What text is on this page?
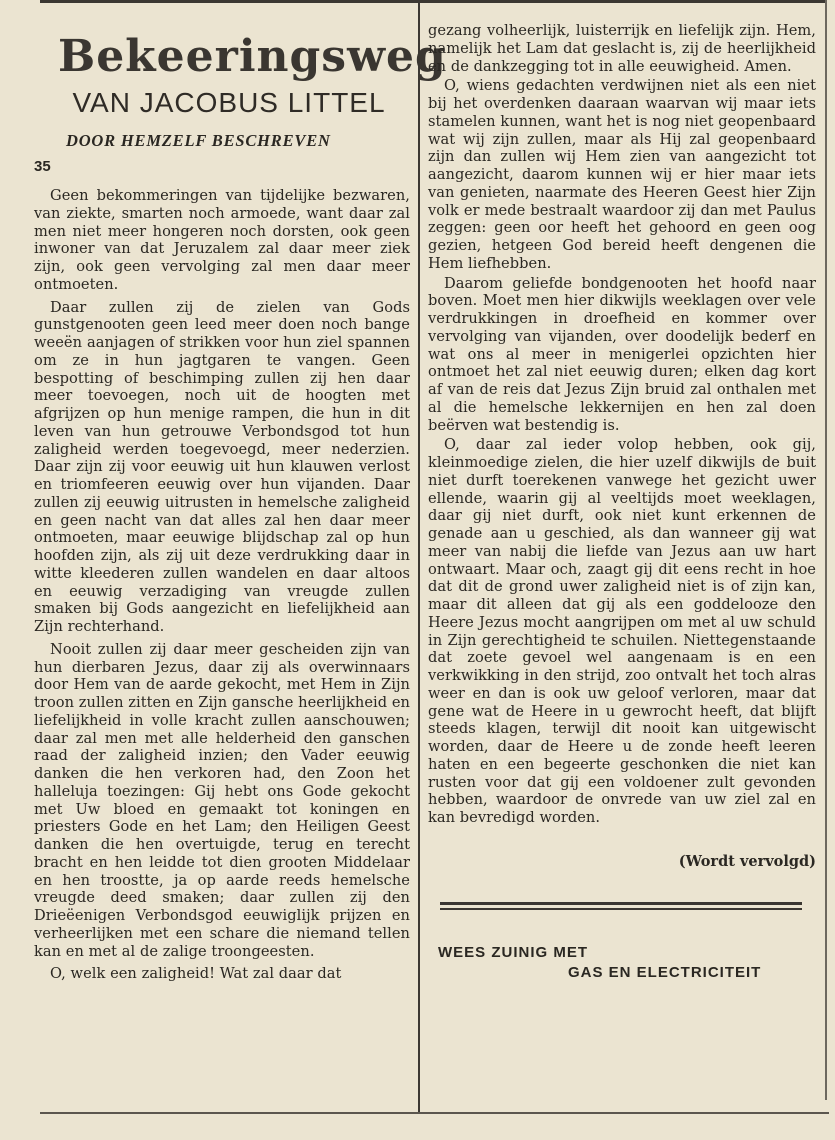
Bekeeringsweg
VAN JACOBUS LITTEL
DOOR HEMZELF BESCHREVEN
35

Geen bekommeringen van tijdelijke bezwaren, van ziekte, smarten noch armoede, want daar zal men niet meer hongeren noch dorsten, ook geen inwoner van dat Jeruzalem zal daar meer ziek zijn, ook geen vervolging zal men daar meer ontmoeten.

Daar zullen zij de zielen van Gods gunstgenooten geen leed meer doen noch bange weeën aanjagen of strikken voor hun ziel spannen om ze in hun jagtgaren te vangen. Geen bespotting of beschimping zullen zij hen daar meer toevoegen, noch uit de hoogten met afgrijzen op hun menige rampen, die hun in dit leven van hun getrouwe Verbondsgod tot hun zaligheid werden toegevoegd, meer nederzien. Daar zijn zij voor eeuwig uit hun klauwen verlost en triomfeeren eeuwig over hun vijanden. Daar zullen zij eeuwig uitrusten in hemelsche zaligheid en geen nacht van dat alles zal hen daar meer ontmoeten, maar eeuwige blijdschap zal op hun hoofden zijn, als zij uit deze verdrukking daar in witte kleederen zullen wandelen en daar altoos en eeuwig verzadiging van vreugde zullen smaken bij Gods aangezicht en liefelijkheid aan Zijn rechterhand.

Nooit zullen zij daar meer gescheiden zijn van hun dierbaren Jezus, daar zij als overwinnaars door Hem van de aarde gekocht, met Hem in Zijn troon zullen zitten en Zijn gansche heerlijkheid en liefelijkheid in volle kracht zullen aanschouwen; daar zal men met alle helderheid den ganschen raad der zaligheid inzien; den Vader eeuwig danken die hen verkoren had, den Zoon het halleluja toezingen: Gij hebt ons Gode gekocht met Uw bloed en gemaakt tot koningen en priesters Gode en het Lam; den Heiligen Geest danken die hen overtuigde, terug en terecht bracht en hen leidde tot dien grooten Middelaar en hen troostte, ja op aarde reeds hemelsche vreugde deed smaken; daar zullen zij den Drieëenigen Verbondsgod eeuwiglijk prijzen en verheerlijken met een schare die niemand tellen kan en met al de zalige troongeesten.

O, welk een zaligheid! Wat zal daar dat

gezang volheerlijk, luisterrijk en liefelijk zijn. Hem, namelijk het Lam dat geslacht is, zij de heerlijkheid en de dankzegging tot in alle eeuwigheid. Amen.

O, wiens gedachten verdwijnen niet als een niet bij het overdenken daaraan waarvan wij maar iets stamelen kunnen, want het is nog niet geopenbaard wat wij zijn zullen, maar als Hij zal geopenbaard zijn dan zullen wij Hem zien van aangezicht tot aangezicht, daarom kunnen wij er hier maar iets van genieten, naarmate des Heeren Geest hier Zijn volk er mede bestraalt waardoor zij dan met Paulus zeggen: geen oor heeft het gehoord en geen oog gezien, hetgeen God bereid heeft dengenen die Hem liefhebben.

Daarom geliefde bondgenooten het hoofd naar boven. Moet men hier dikwijls weeklagen over vele verdrukkingen in droefheid en kommer over vervolging van vijanden, over doodelijk bederf en wat ons al meer in menigerlei opzichten hier ontmoet het zal niet eeuwig duren; elken dag kort af van de reis dat Jezus Zijn bruid zal onthalen met al die hemelsche lekkernijen en hen zal doen beërven wat bestendig is.

O, daar zal ieder volop hebben, ook gij, kleinmoedige zielen, die hier uzelf dikwijls de buit niet durft toerekenen vanwege het gezicht uwer ellende, waarin gij al veeltijds moet weeklagen, daar gij niet durft, ook niet kunt erkennen de genade aan u geschied, als dan wanneer gij wat meer van nabij die liefde van Jezus aan uw hart ontwaart. Maar och, zaagt gij dit eens recht in hoe dat dit de grond uwer zaligheid niet is of zijn kan, maar dit alleen dat gij als een goddelooze den Heere Jezus mocht aangrijpen om met al uw schuld in Zijn gerechtigheid te schuilen. Niettegenstaande dat zoete gevoel wel aangenaam is en een verkwikking in den strijd, zoo ontvalt het toch alras weer en dan is ook uw geloof verloren, maar dat gene wat de Heere in u gewrocht heeft, dat blijft steeds klagen, terwijl dit nooit kan uitgewischt worden, daar de Heere u de zonde heeft leeren haten en een begeerte geschonken die niet kan rusten voor dat gij een voldoener zult gevonden hebben, waardoor de onvrede van uw ziel zal en kan bevredigd worden.

(Wordt vervolgd)
WEES ZUINIG MET
GAS EN ELECTRICITEIT
